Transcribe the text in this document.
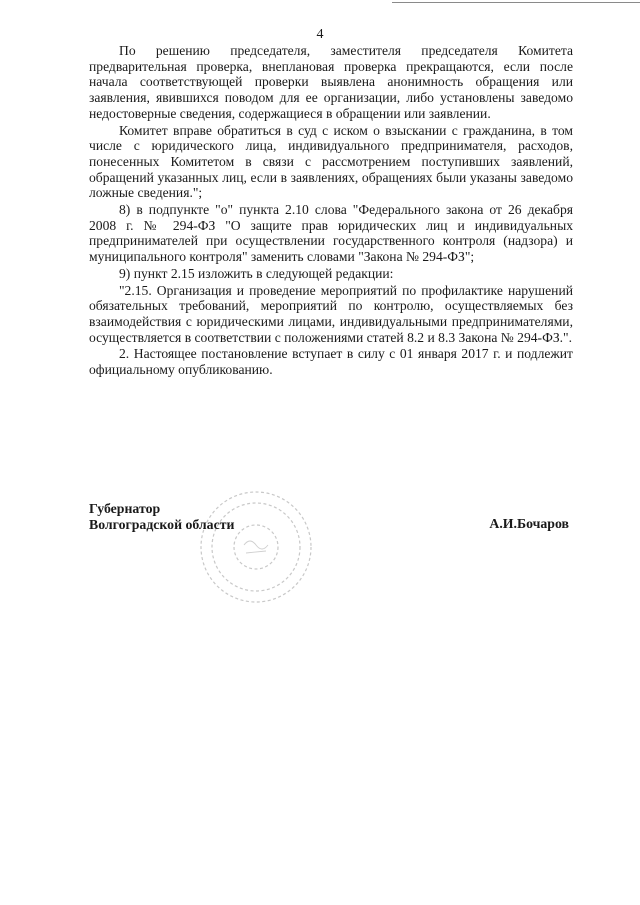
4

По решению председателя, заместителя председателя Комитета предварительная проверка, внеплановая проверка прекращаются, если после начала соответствующей проверки выявлена анонимность обращения или заявления, явившихся поводом для ее организации, либо установлены заведомо недостоверные сведения, содержащиеся в обращении или заявлении.

Комитет вправе обратиться в суд с иском о взыскании с гражданина, в том числе с юридического лица, индивидуального предпринимателя, расходов, понесенных Комитетом в связи с рассмотрением поступивших заявлений, обращений указанных лиц, если в заявлениях, обращениях были указаны заведомо ложные сведения.";

8) в подпункте "о" пункта 2.10 слова "Федерального закона от 26 декабря 2008 г. № 294-ФЗ "О защите прав юридических лиц и индивидуальных предпринимателей при осуществлении государственного контроля (надзора) и муниципального контроля" заменить словами "Закона № 294-ФЗ";

9) пункт 2.15 изложить в следующей редакции:

"2.15. Организация и проведение мероприятий по профилактике нарушений обязательных требований, мероприятий по контролю, осуществляемых без взаимодействия с юридическими лицами, индивидуальными предпринимателями, осуществляется в соответствии с положениями статей 8.2 и 8.3 Закона № 294-ФЗ.".

2. Настоящее постановление вступает в силу с 01 января 2017 г. и подлежит официальному опубликованию.

Губернатор
Волгоградской области	А.И.Бочаров
